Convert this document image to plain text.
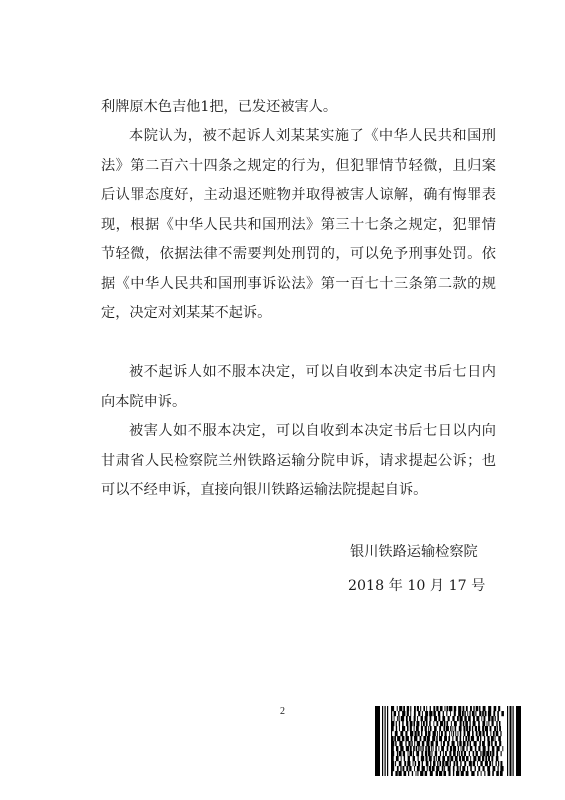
利牌原木色吉他1把，已发还被害人。

本院认为，被不起诉人刘某某实施了《中华人民共和国刑法》第二百六十四条之规定的行为，但犯罪情节轻微，且归案后认罪态度好，主动退还赃物并取得被害人谅解，确有悔罪表现，根据《中华人民共和国刑法》第三十七条之规定，犯罪情节轻微，依据法律不需要判处刑罚的，可以免予刑事处罚。依据《中华人民共和国刑事诉讼法》第一百七十三条第二款的规定，决定对刘某某不起诉。

被不起诉人如不服本决定，可以自收到本决定书后七日内向本院申诉。

被害人如不服本决定，可以自收到本决定书后七日以内向甘肃省人民检察院兰州铁路运输分院申诉，请求提起公诉；也可以不经申诉，直接向银川铁路运输法院提起自诉。

银川铁路运输检察院
2018 年 10 月 17 号
2
